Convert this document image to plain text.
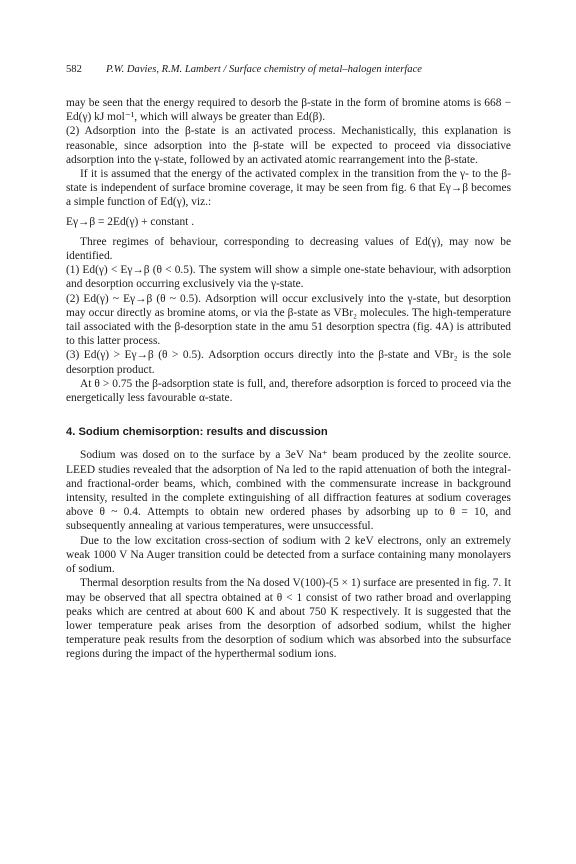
582 P.W. Davies, R.M. Lambert / Surface chemistry of metal–halogen interface

may be seen that the energy required to desorb the β-state in the form of bromine atoms is 668 − Ed(γ) kJ mol⁻¹, which will always be greater than Ed(β).

(2) Adsorption into the β-state is an activated process. Mechanistically, this explanation is reasonable, since adsorption into the β-state will be expected to proceed via dissociative adsorption into the γ-state, followed by an activated atomic rearrangement into the β-state.

If it is assumed that the energy of the activated complex in the transition from the γ- to the β-state is independent of surface bromine coverage, it may be seen from fig. 6 that Eγ→β becomes a simple function of Ed(γ), viz.:

Eγ→β = 2Ed(γ) + constant .

Three regimes of behaviour, corresponding to decreasing values of Ed(γ), may now be identified.

(1) Ed(γ) < Eγ→β (θ < 0.5). The system will show a simple one-state behaviour, with adsorption and desorption occurring exclusively via the γ-state.

(2) Ed(γ) ~ Eγ→β (θ ~ 0.5). Adsorption will occur exclusively into the γ-state, but desorption may occur directly as bromine atoms, or via the β-state as VBr₂ molecules. The high-temperature tail associated with the β-desorption state in the amu 51 desorption spectra (fig. 4A) is attributed to this latter process.

(3) Ed(γ) > Eγ→β (θ > 0.5). Adsorption occurs directly into the β-state and VBr₂ is the sole desorption product.

At θ > 0.75 the β-adsorption state is full, and, therefore adsorption is forced to proceed via the energetically less favourable α-state.

4. Sodium chemisorption: results and discussion

Sodium was dosed on to the surface by a 3eV Na⁺ beam produced by the zeolite source. LEED studies revealed that the adsorption of Na led to the rapid attenuation of both the integral- and fractional-order beams, which, combined with the commensurate increase in background intensity, resulted in the complete extinguishing of all diffraction features at sodium coverages above θ ~ 0.4. Attempts to obtain new ordered phases by adsorbing up to θ = 10, and subsequently annealing at various temperatures, were unsuccessful.

Due to the low excitation cross-section of sodium with 2 keV electrons, only an extremely weak 1000 V Na Auger transition could be detected from a surface containing many monolayers of sodium.

Thermal desorption results from the Na dosed V(100)-(5 × 1) surface are presented in fig. 7. It may be observed that all spectra obtained at θ < 1 consist of two rather broad and overlapping peaks which are centred at about 600 K and about 750 K respectively. It is suggested that the lower temperature peak arises from the desorption of adsorbed sodium, whilst the higher temperature peak results from the desorption of sodium which was absorbed into the subsurface regions during the impact of the hyperthermal sodium ions.
